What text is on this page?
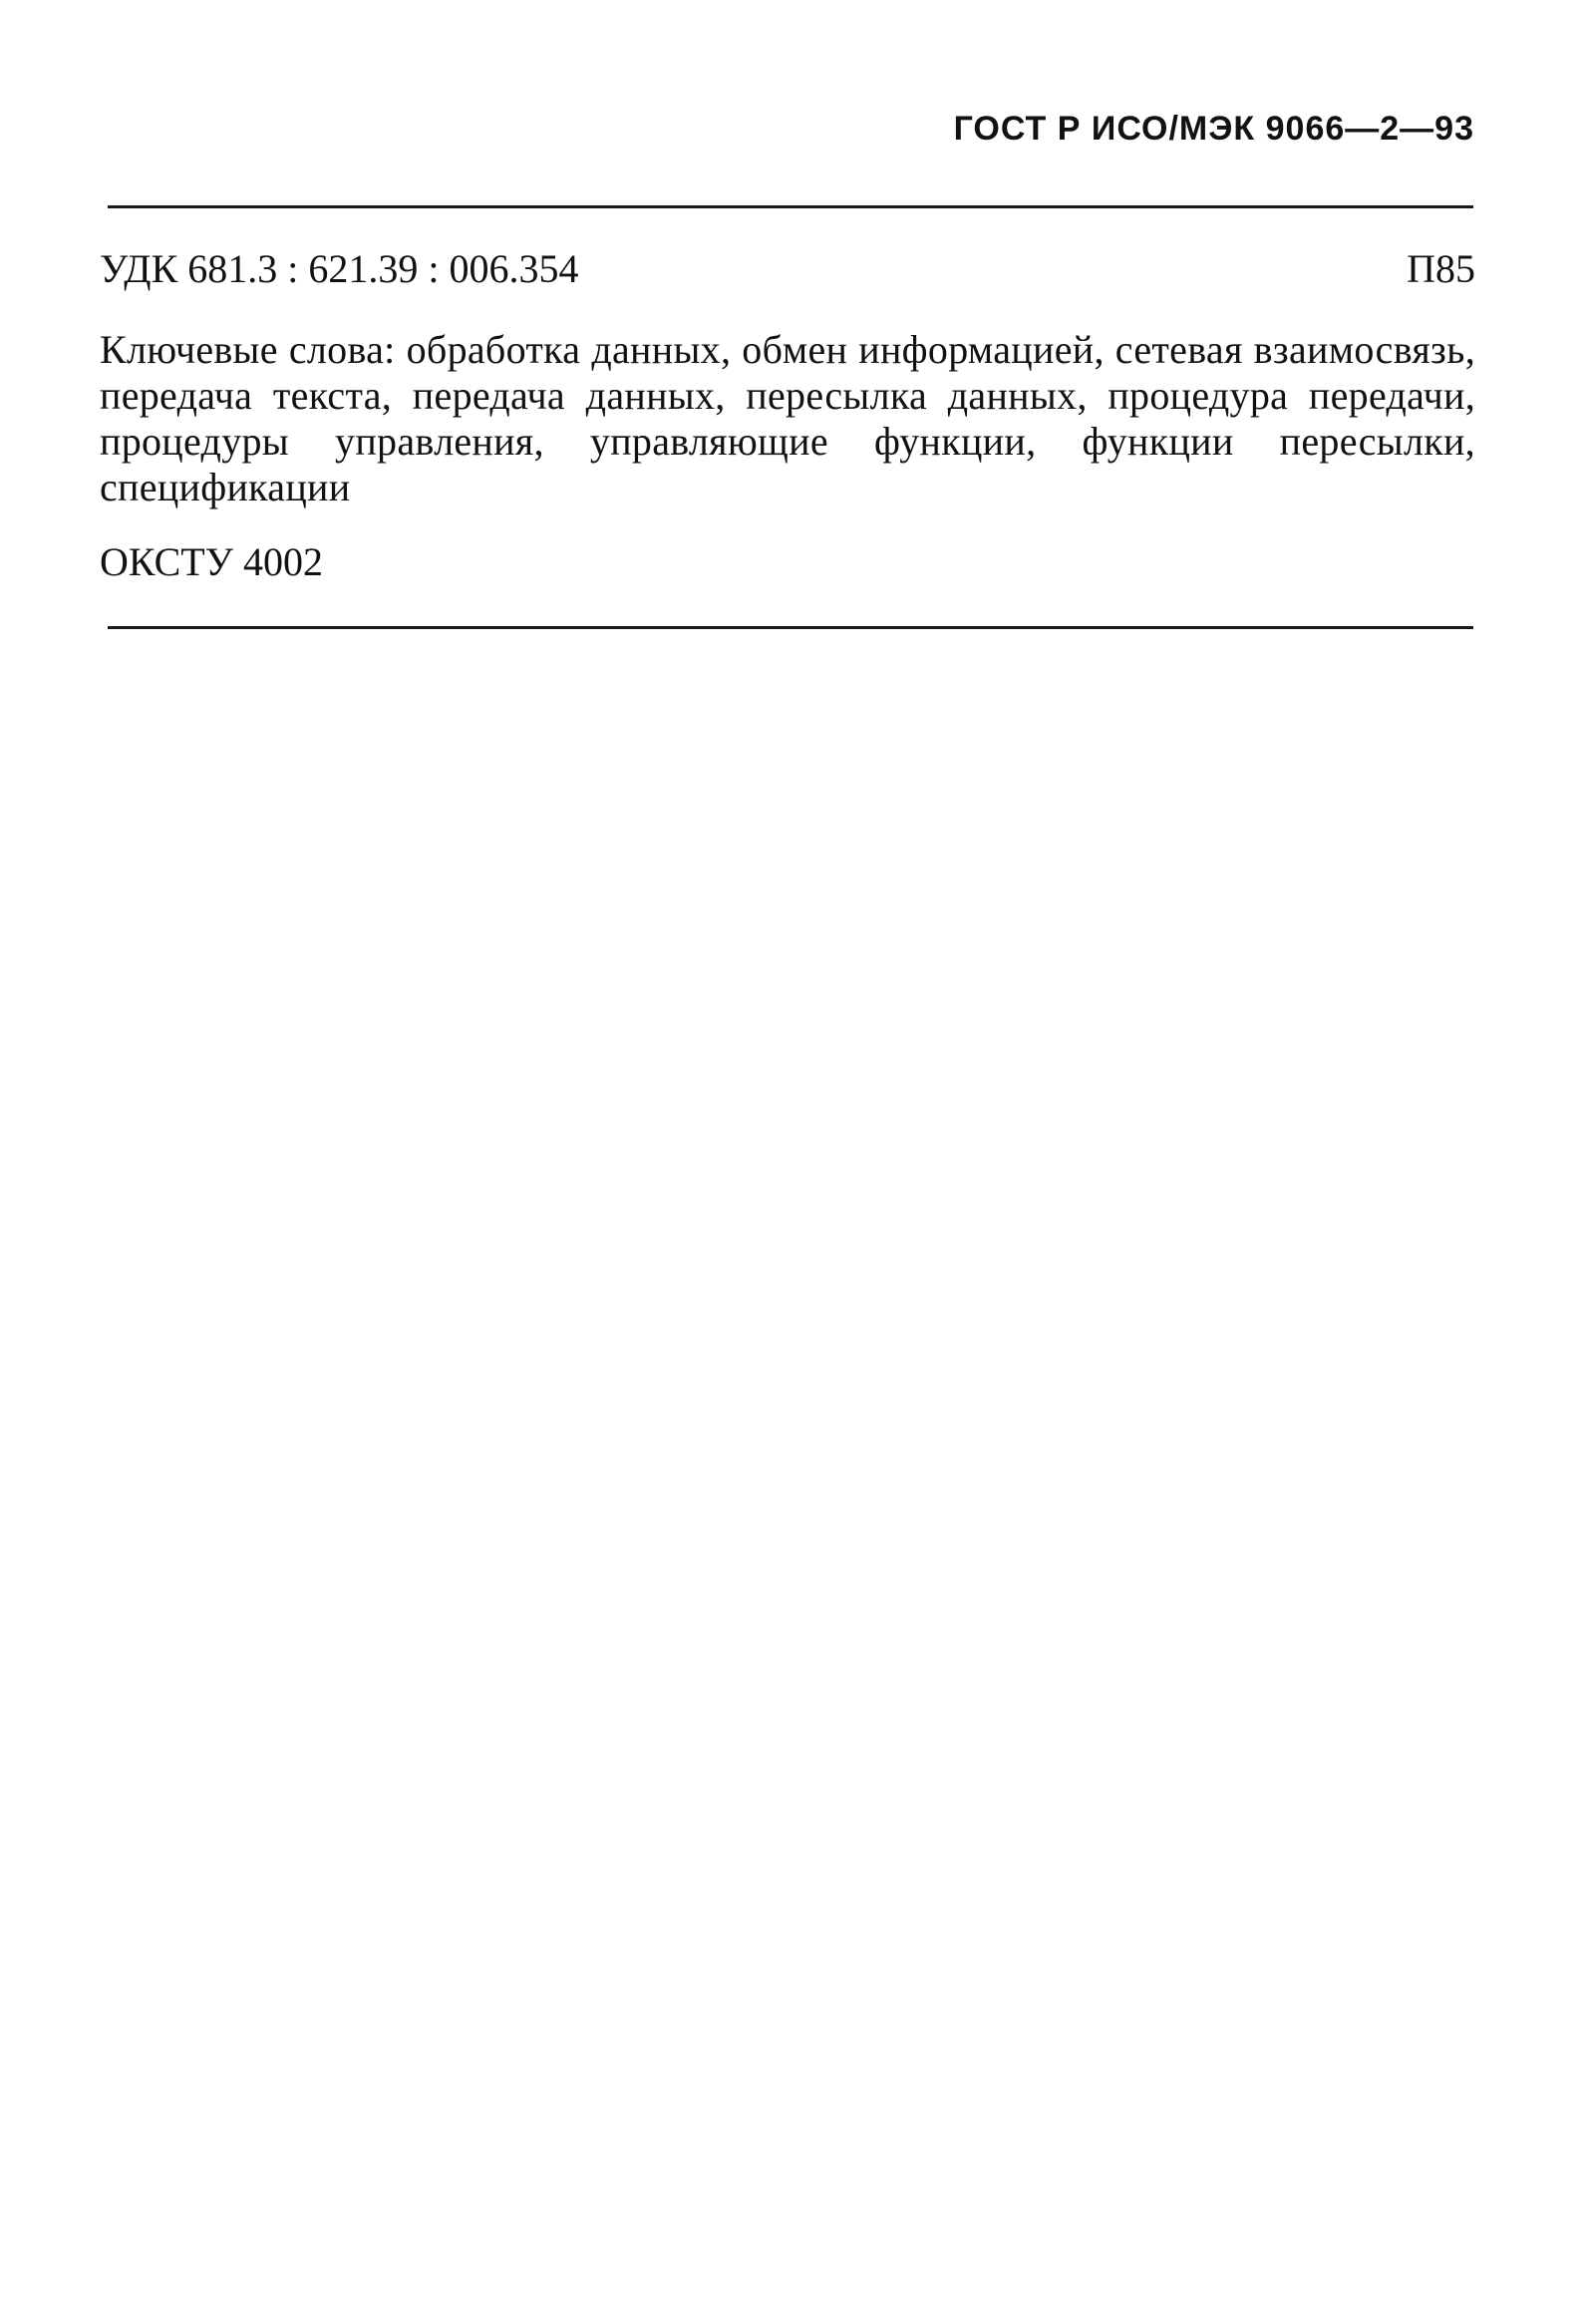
ГОСТ Р ИСО/МЭК 9066—2—93
УДК 681.3 : 621.39 : 006.354	П85
Ключевые слова: обработка данных, обмен информацией, сетевая взаимосвязь, передача текста, передача данных, пересылка данных, процедура передачи, процедуры управления, управляющие функции, функции пересылки, спецификации
ОКСТУ 4002
